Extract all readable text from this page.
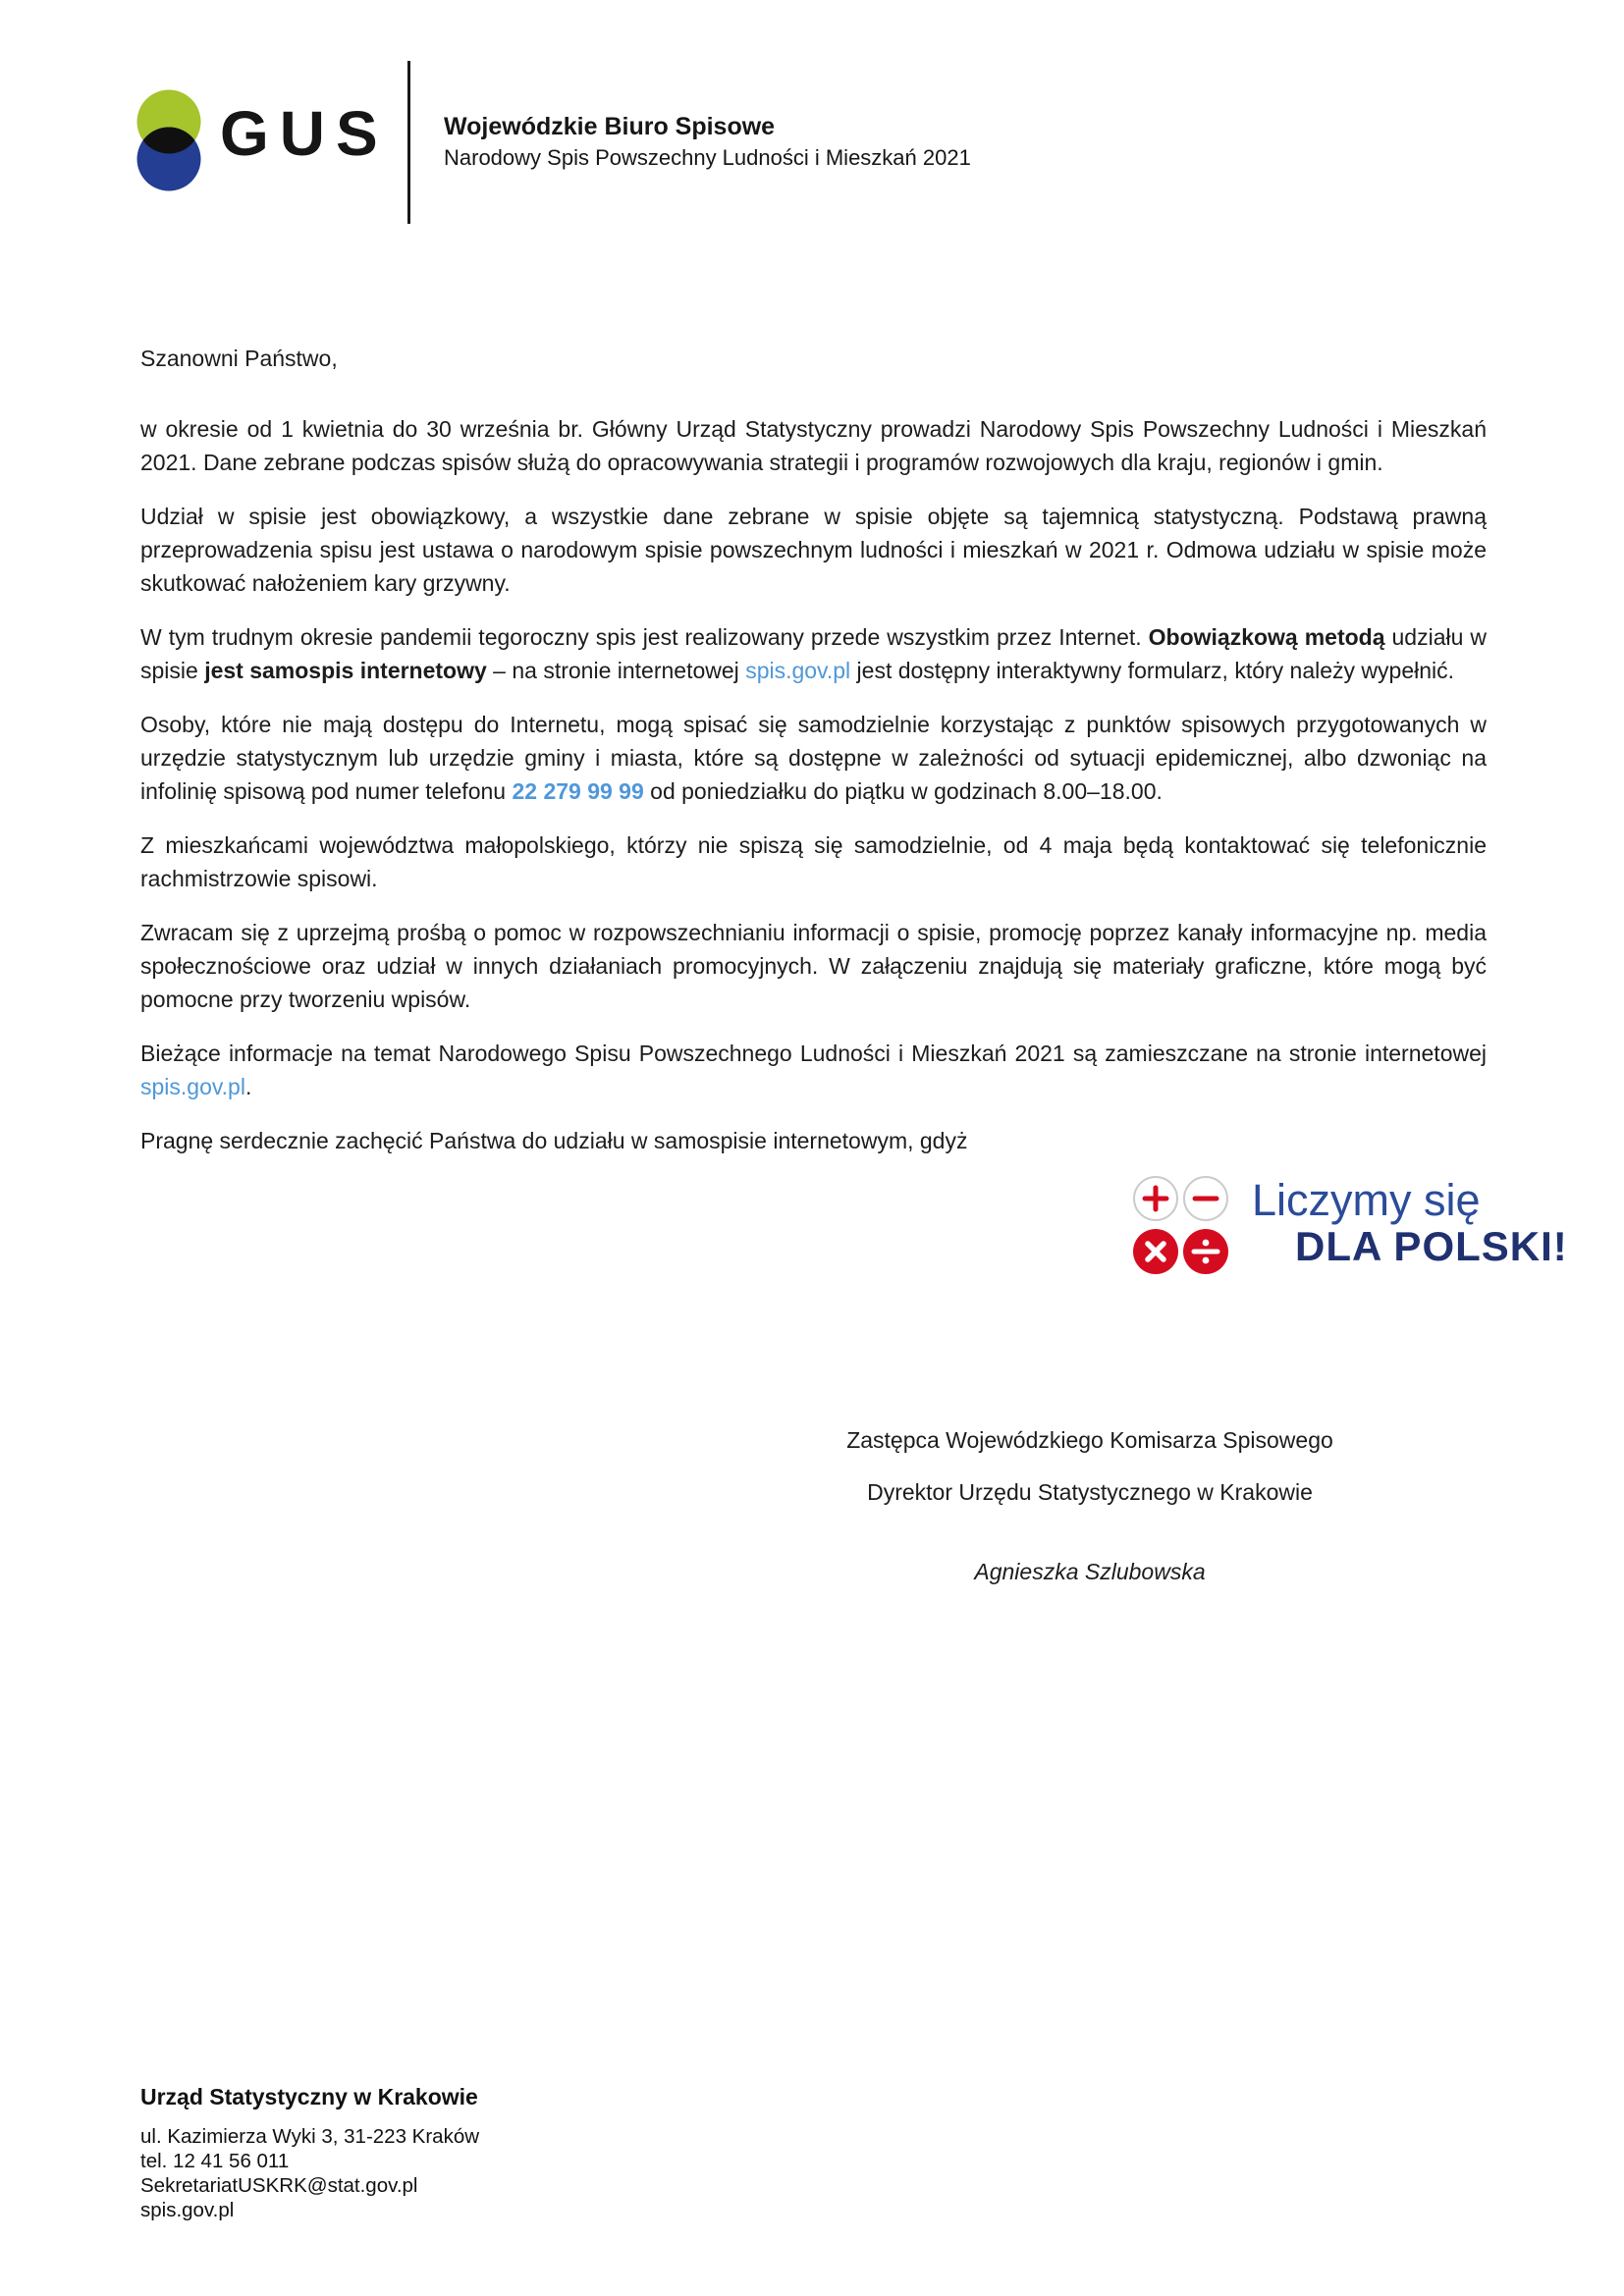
GUS Wojewódzkie Biuro Spisowe
Narodowy Spis Powszechny Ludności i Mieszkań 2021

Szanowni Państwo,

w okresie od 1 kwietnia do 30 września br. Główny Urząd Statystyczny prowadzi Narodowy Spis Powszechny Ludności i Mieszkań 2021. Dane zebrane podczas spisów służą do opracowywania strategii i programów rozwojowych dla kraju, regionów i gmin.

Udział w spisie jest obowiązkowy, a wszystkie dane zebrane w spisie objęte są tajemnicą statystyczną. Podstawą prawną przeprowadzenia spisu jest ustawa o narodowym spisie powszechnym ludności i mieszkań w 2021 r. Odmowa udziału w spisie może skutkować nałożeniem kary grzywny.

W tym trudnym okresie pandemii tegoroczny spis jest realizowany przede wszystkim przez Internet. Obowiązkową metodą udziału w spisie jest samospis internetowy – na stronie internetowej spis.gov.pl jest dostępny interaktywny formularz, który należy wypełnić.

Osoby, które nie mają dostępu do Internetu, mogą spisać się samodzielnie korzystając z punktów spisowych przygotowanych w urzędzie statystycznym lub urzędzie gminy i miasta, które są dostępne w zależności od sytuacji epidemicznej, albo dzwoniąc na infolinię spisową pod numer telefonu 22 279 99 99 od poniedziałku do piątku w godzinach 8.00–18.00.

Z mieszkańcami województwa małopolskiego, którzy nie spiszą się samodzielnie, od 4 maja będą kontaktować się telefonicznie rachmistrzowie spisowi.

Zwracam się z uprzejmą prośbą o pomoc w rozpowszechnianiu informacji o spisie, promocję poprzez kanały informacyjne np. media społecznościowe oraz udział w innych działaniach promocyjnych. W załączeniu znajdują się materiały graficzne, które mogą być pomocne przy tworzeniu wpisów.

Bieżące informacje na temat Narodowego Spisu Powszechnego Ludności i Mieszkań 2021 są zamieszczane na stronie internetowej spis.gov.pl.

Pragnę serdecznie zachęcić Państwa do udziału w samospisie internetowym, gdyż

Liczymy się
DLA POLSKI!
Zastępca Wojewódzkiego Komisarza Spisowego
Dyrektor Urzędu Statystycznego w Krakowie
Agnieszka Szlubowska
Urząd Statystyczny w Krakowie
ul. Kazimierza Wyki 3, 31-223 Kraków
tel. 12 41 56 011
SekretariatUSKRK@stat.gov.pl
spis.gov.pl
